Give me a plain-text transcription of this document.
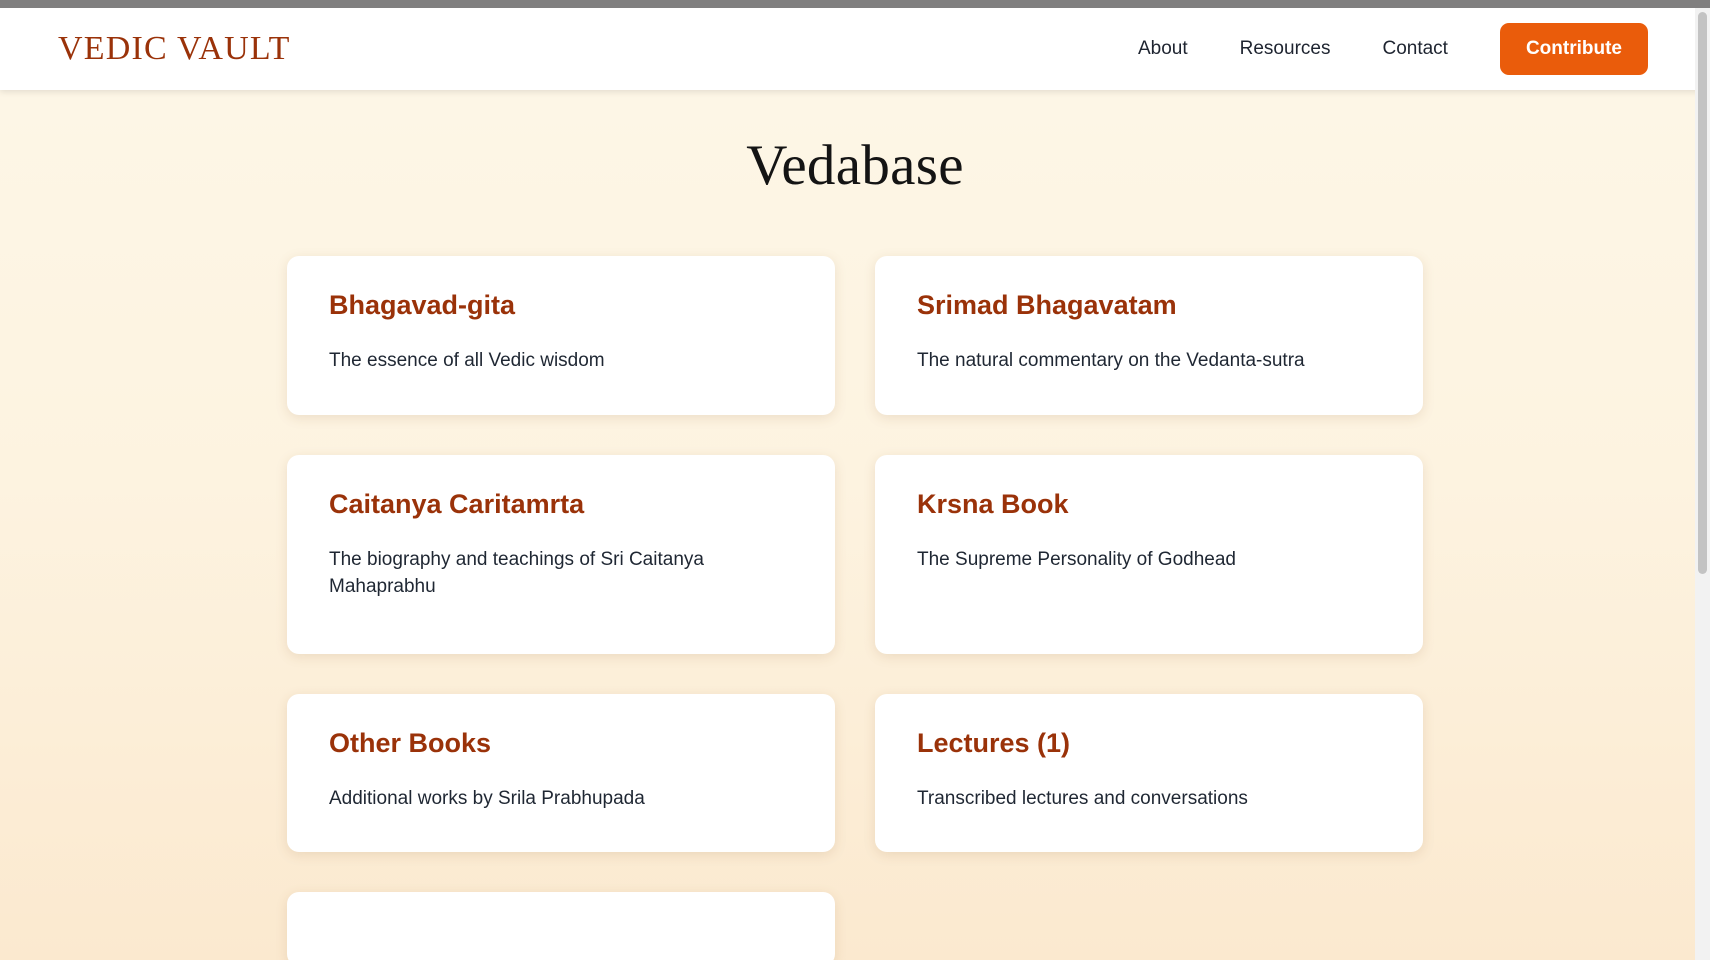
VEDIC VAULT	About	Resources	Contact	Contribute
Vedabase
Bhagavad-gita
The essence of all Vedic wisdom
Srimad Bhagavatam
The natural commentary on the Vedanta-sutra
Caitanya Caritamrta
The biography and teachings of Sri Caitanya Mahaprabhu
Krsna Book
The Supreme Personality of Godhead
Other Books
Additional works by Srila Prabhupada
Lectures (1)
Transcribed lectures and conversations
